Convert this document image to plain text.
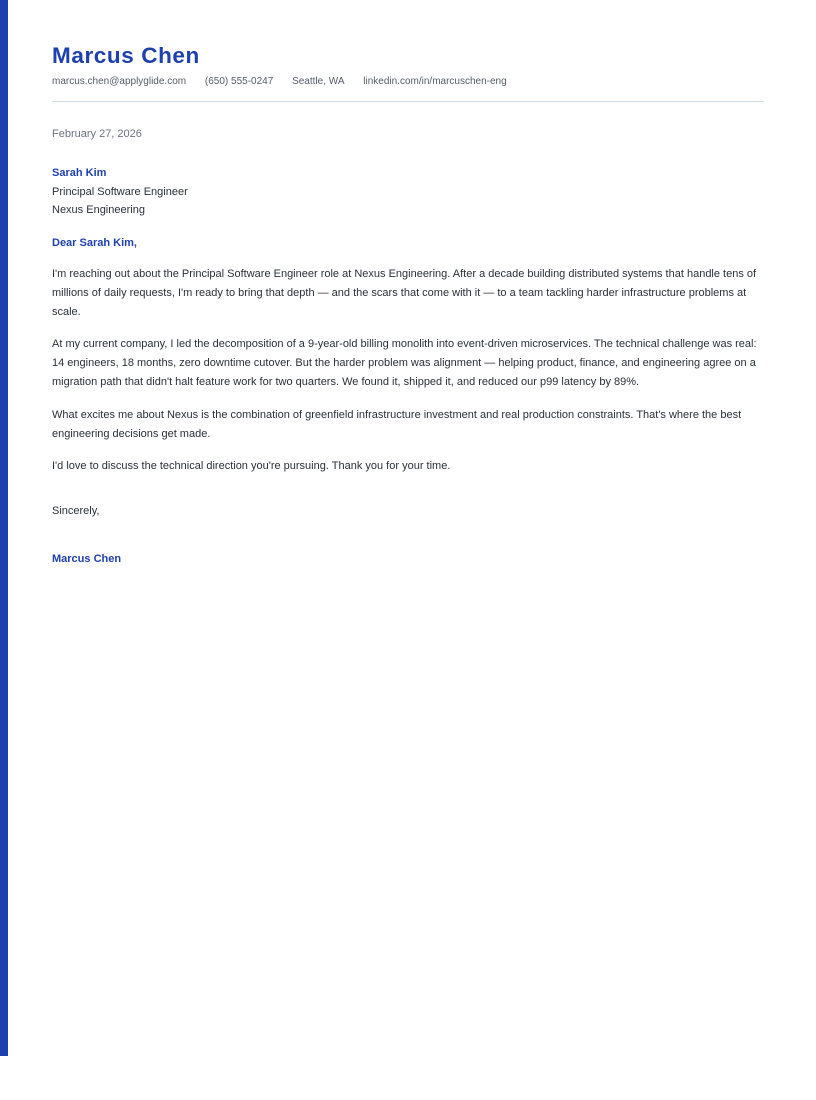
Marcus Chen
marcus.chen@applyglide.com (650) 555-0247 Seattle, WA linkedin.com/in/marcuschen-eng
February 27, 2026
Sarah Kim
Principal Software Engineer
Nexus Engineering
Dear Sarah Kim,

I'm reaching out about the Principal Software Engineer role at Nexus Engineering. After a decade building distributed systems that handle tens of millions of daily requests, I'm ready to bring that depth — and the scars that come with it — to a team tackling harder infrastructure problems at scale.

At my current company, I led the decomposition of a 9-year-old billing monolith into event-driven microservices. The technical challenge was real: 14 engineers, 18 months, zero downtime cutover. But the harder problem was alignment — helping product, finance, and engineering agree on a migration path that didn't halt feature work for two quarters. We found it, shipped it, and reduced our p99 latency by 89%.

What excites me about Nexus is the combination of greenfield infrastructure investment and real production constraints. That's where the best engineering decisions get made.

I'd love to discuss the technical direction you're pursuing. Thank you for your time.

Sincerely,
Marcus Chen
